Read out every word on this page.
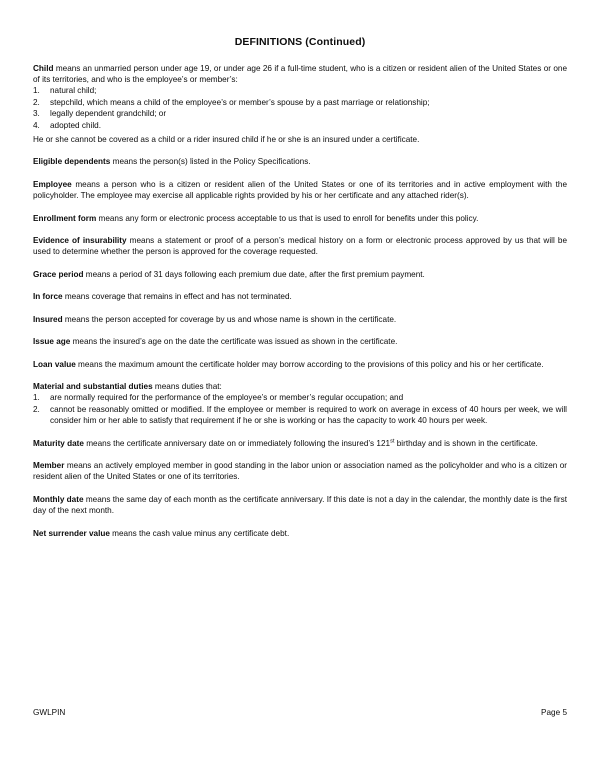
DEFINITIONS (Continued)

Child means an unmarried person under age 19, or under age 26 if a full-time student, who is a citizen or resident alien of the United States or one of its territories, and who is the employee’s or member’s:

1.	natural child;
2.	stepchild, which means a child of the employee’s or member’s spouse by a past marriage or relationship;
3.	legally dependent grandchild; or
4.	adopted child.

He or she cannot be covered as a child or a rider insured child if he or she is an insured under a certificate.

Eligible dependents means the person(s) listed in the Policy Specifications.

Employee means a person who is a citizen or resident alien of the United States or one of its territories and in active employment with the policyholder. The employee may exercise all applicable rights provided by his or her certificate and any attached rider(s).

Enrollment form means any form or electronic process acceptable to us that is used to enroll for benefits under this policy.

Evidence of insurability means a statement or proof of a person’s medical history on a form or electronic process approved by us that will be used to determine whether the person is approved for the coverage requested.

Grace period means a period of 31 days following each premium due date, after the first premium payment.

In force means coverage that remains in effect and has not terminated.

Insured means the person accepted for coverage by us and whose name is shown in the certificate.

Issue age means the insured’s age on the date the certificate was issued as shown in the certificate.

Loan value means the maximum amount the certificate holder may borrow according to the provisions of this policy and his or her certificate.

Material and substantial duties means duties that:

1.	are normally required for the performance of the employee’s or member’s regular occupation; and
2.	cannot be reasonably omitted or modified. If the employee or member is required to work on average in excess of 40 hours per week, we will consider him or her able to satisfy that requirement if he or she is working or has the capacity to work 40 hours per week.

Maturity date means the certificate anniversary date on or immediately following the insured’s 121st birthday and is shown in the certificate.

Member means an actively employed member in good standing in the labor union or association named as the policyholder and who is a citizen or resident alien of the United States or one of its territories.

Monthly date means the same day of each month as the certificate anniversary. If this date is not a day in the calendar, the monthly date is the first day of the next month.

Net surrender value means the cash value minus any certificate debt.

GWLPIN	Page 5
